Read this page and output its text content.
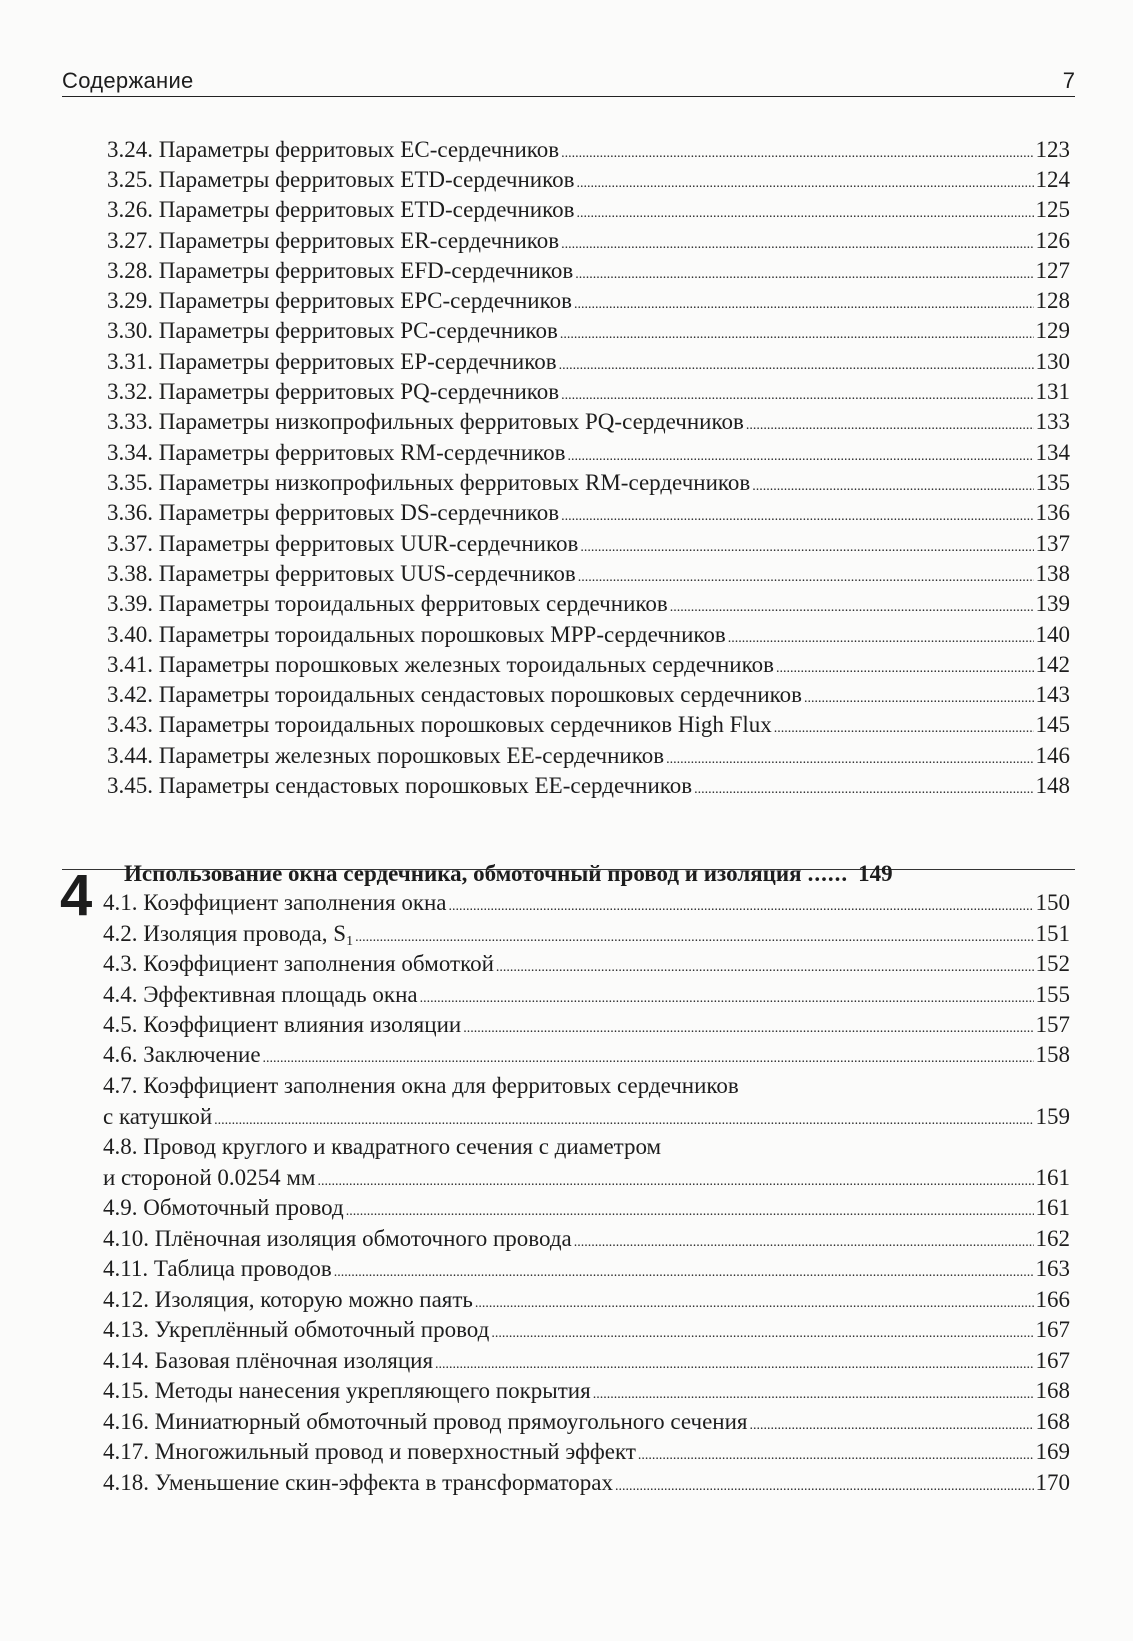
Содержание	7
3.24. Параметры ферритовых ЕС-сердечников .....	123
3.25. Параметры ферритовых ETD-сердечников .....	124
3.26. Параметры ферритовых ETD-сердечников .....	125
3.27. Параметры ферритовых ER-сердечников .....	126
3.28. Параметры ферритовых EFD-сердечников .....	127
3.29. Параметры ферритовых EPC-сердечников .....	128
3.30. Параметры ферритовых PC-сердечников .....	129
3.31. Параметры ферритовых EP-сердечников .....	130
3.32. Параметры ферритовых PQ-сердечников .....	131
3.33. Параметры низкопрофильных ферритовых PQ-сердечников .....	133
3.34. Параметры ферритовых RM-сердечников .....	134
3.35. Параметры низкопрофильных ферритовых RM-сердечников .....	135
3.36. Параметры ферритовых DS-сердечников .....	136
3.37. Параметры ферритовых UUR-сердечников .....	137
3.38. Параметры ферритовых UUS-сердечников .....	138
3.39. Параметры тороидальных ферритовых сердечников .....	139
3.40. Параметры тороидальных порошковых МРР-сердечников .....	140
3.41. Параметры порошковых железных тороидальных сердечников .....	142
3.42. Параметры тороидальных сендастовых порошковых сердечников .....	143
3.43. Параметры тороидальных порошковых сердечников High Flux .....	145
3.44. Параметры железных порошковых ЕЕ-сердечников .....	146
3.45. Параметры сендастовых порошковых ЕЕ-сердечников .....	148
4 Использование окна сердечника, обмоточный провод и изоляция ...... 149
4.1. Коэффициент заполнения окна .....	150
4.2. Изоляция провода, $S_1$ .....	151
4.3. Коэффициент заполнения обмоткой .....	152
4.4. Эффективная площадь окна .....	155
4.5. Коэффициент влияния изоляции .....	157
4.6. Заключение .....	158
4.7. Коэффициент заполнения окна для ферритовых сердечников
с катушкой .....	159
4.8. Провод круглого и квадратного сечения с диаметром
и стороной 0.0254 мм .....	161
4.9. Обмоточный провод .....	161
4.10. Плёночная изоляция обмоточного провода .....	162
4.11. Таблица проводов .....	163
4.12. Изоляция, которую можно паять .....	166
4.13. Укреплённый обмоточный провод .....	167
4.14. Базовая плёночная изоляция .....	167
4.15. Методы нанесения укрепляющего покрытия .....	168
4.16. Миниатюрный обмоточный провод прямоугольного сечения .....	168
4.17. Многожильный провод и поверхностный эффект .....	169
4.18. Уменьшение скин-эффекта в трансформаторах .....	170
